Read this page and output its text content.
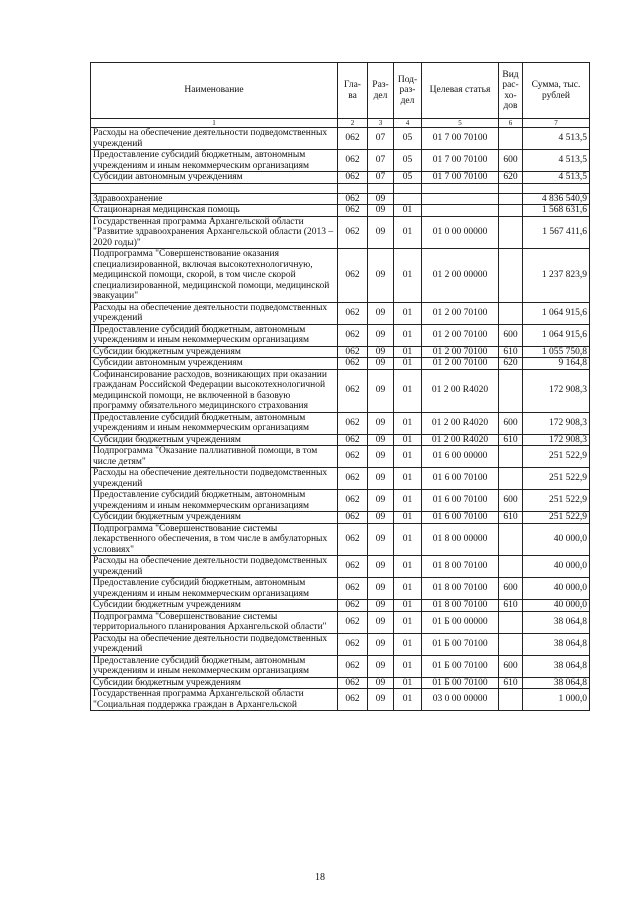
Наименование	Гла-ва	Раз-дел	Под-раз-дел	Целевая статья	Вид рас-хо-дов	Сумма, тыс. рублей
1	2	3	4	5	6	7
Расходы на обеспечение деятельности подведомственных учреждений	062	07	05	01 7 00 70100		4 513,5
Предоставление субсидий бюджетным, автономным учреждениям и иным некоммерческим организациям	062	07	05	01 7 00 70100	600	4 513,5
Субсидии автономным учреждениям	062	07	05	01 7 00 70100	620	4 513,5

Здравоохранение	062	09				4 836 540,9
Стационарная медицинская помощь	062	09	01			1 568 631,6
Государственная программа Архангельской области "Развитие здравоохранения Архангельской области (2013 – 2020 годы)"	062	09	01	01 0 00 00000		1 567 411,6
Подпрограмма "Совершенствование оказания специализированной, включая высокотехнологичную, медицинской помощи, скорой, в том числе скорой специализированной, медицинской помощи, медицинской эвакуации"	062	09	01	01 2 00 00000		1 237 823,9
Расходы на обеспечение деятельности подведомственных учреждений	062	09	01	01 2 00 70100		1 064 915,6
Предоставление субсидий бюджетным, автономным учреждениям и иным некоммерческим организациям	062	09	01	01 2 00 70100	600	1 064 915,6
Субсидии бюджетным учреждениям	062	09	01	01 2 00 70100	610	1 055 750,8
Субсидии автономным учреждениям	062	09	01	01 2 00 70100	620	9 164,8
Софинансирование расходов, возникающих при оказании гражданам Российской Федерации высокотехнологичной медицинской помощи, не включенной в базовую программу обязательного медицинского страхования	062	09	01	01 2 00 R4020		172 908,3
Предоставление субсидий бюджетным, автономным учреждениям и иным некоммерческим организациям	062	09	01	01 2 00 R4020	600	172 908,3
Субсидии бюджетным учреждениям	062	09	01	01 2 00 R4020	610	172 908,3
Подпрограмма "Оказание паллиативной помощи, в том числе детям"	062	09	01	01 6 00 00000		251 522,9
Расходы на обеспечение деятельности подведомственных учреждений	062	09	01	01 6 00 70100		251 522,9
Предоставление субсидий бюджетным, автономным учреждениям и иным некоммерческим организациям	062	09	01	01 6 00 70100	600	251 522,9
Субсидии бюджетным учреждениям	062	09	01	01 6 00 70100	610	251 522,9
Подпрограмма "Совершенствование системы лекарственного обеспечения, в том числе в амбулаторных условиях"	062	09	01	01 8 00 00000		40 000,0
Расходы на обеспечение деятельности подведомственных учреждений	062	09	01	01 8 00 70100		40 000,0
Предоставление субсидий бюджетным, автономным учреждениям и иным некоммерческим организациям	062	09	01	01 8 00 70100	600	40 000,0
Субсидии бюджетным учреждениям	062	09	01	01 8 00 70100	610	40 000,0
Подпрограмма "Совершенствование системы территориального планирования Архангельской области"	062	09	01	01 Б 00 00000		38 064,8
Расходы на обеспечение деятельности подведомственных учреждений	062	09	01	01 Б 00 70100		38 064,8
Предоставление субсидий бюджетным, автономным учреждениям и иным некоммерческим организациям	062	09	01	01 Б 00 70100	600	38 064,8
Субсидии бюджетным учреждениям	062	09	01	01 Б 00 70100	610	38 064,8
Государственная программа Архангельской области "Социальная поддержка граждан в Архангельской	062	09	01	03 0 00 00000		1 000,0
18
